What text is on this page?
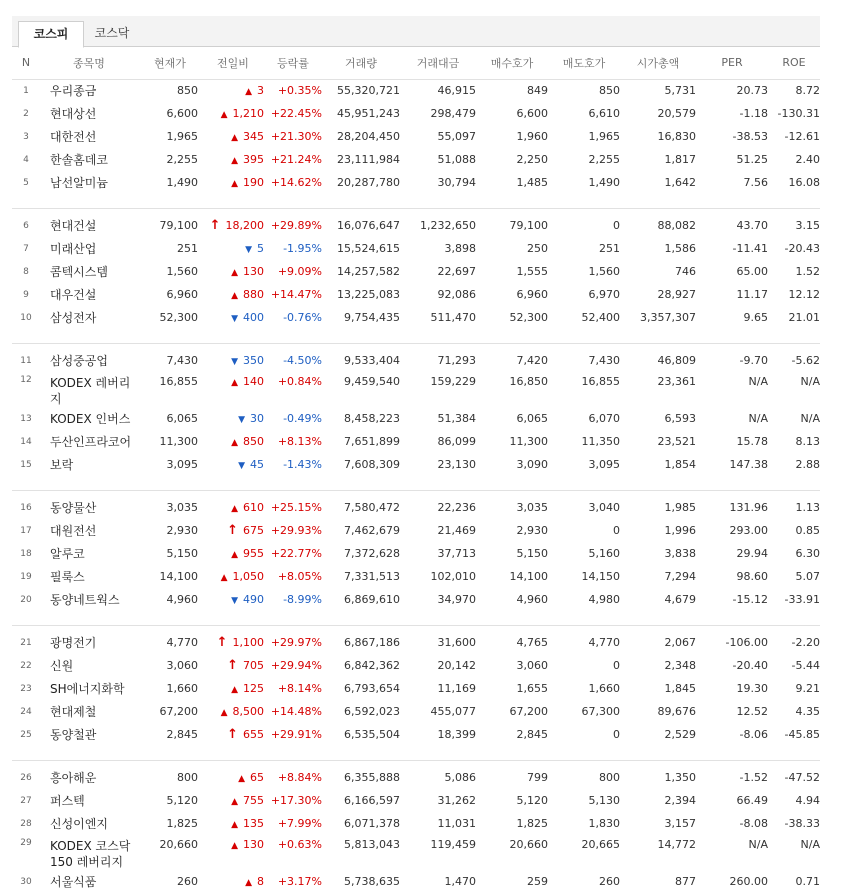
코스피	코스닥
N	종목명	현재가	전일비	등락률	거래량	거래대금	매수호가	매도호가	시가총액	PER	ROE
1	우리종금	850	▲ 3	+0.35%	55,320,721	46,915	849	850	5,731	20.73	8.72
2	현대상선	6,600	▲ 1,210	+22.45%	45,951,243	298,479	6,600	6,610	20,579	-1.18	-130.31
3	대한전선	1,965	▲ 345	+21.30%	28,204,450	55,097	1,960	1,965	16,830	-38.53	-12.61
4	한솔홈데코	2,255	▲ 395	+21.24%	23,111,984	51,088	2,250	2,255	1,817	51.25	2.40
5	남선알미늄	1,490	▲ 190	+14.62%	20,287,780	30,794	1,485	1,490	1,642	7.56	16.08

6	현대건설	79,100	↑ 18,200	+29.89%	16,076,647	1,232,650	79,100	0	88,082	43.70	3.15
7	미래산업	251	▼ 5	-1.95%	15,524,615	3,898	250	251	1,586	-11.41	-20.43
8	콤텍시스템	1,560	▲ 130	+9.09%	14,257,582	22,697	1,555	1,560	746	65.00	1.52
9	대우건설	6,960	▲ 880	+14.47%	13,225,083	92,086	6,960	6,970	28,927	11.17	12.12
10	삼성전자	52,300	▼ 400	-0.76%	9,754,435	511,470	52,300	52,400	3,357,307	9.65	21.01

11	삼성중공업	7,430	▼ 350	-4.50%	9,533,404	71,293	7,420	7,430	46,809	-9.70	-5.62
12	KODEX 레버리지	16,855	▲ 140	+0.84%	9,459,540	159,229	16,850	16,855	23,361	N/A	N/A
13	KODEX 인버스	6,065	▼ 30	-0.49%	8,458,223	51,384	6,065	6,070	6,593	N/A	N/A
14	두산인프라코어	11,300	▲ 850	+8.13%	7,651,899	86,099	11,300	11,350	23,521	15.78	8.13
15	보락	3,095	▼ 45	-1.43%	7,608,309	23,130	3,090	3,095	1,854	147.38	2.88

16	동양물산	3,035	▲ 610	+25.15%	7,580,472	22,236	3,035	3,040	1,985	131.96	1.13
17	대원전선	2,930	↑ 675	+29.93%	7,462,679	21,469	2,930	0	1,996	293.00	0.85
18	알루코	5,150	▲ 955	+22.77%	7,372,628	37,713	5,150	5,160	3,838	29.94	6.30
19	필룩스	14,100	▲ 1,050	+8.05%	7,331,513	102,010	14,100	14,150	7,294	98.60	5.07
20	동양네트웍스	4,960	▼ 490	-8.99%	6,869,610	34,970	4,960	4,980	4,679	-15.12	-33.91

21	광명전기	4,770	↑ 1,100	+29.97%	6,867,186	31,600	4,765	4,770	2,067	-106.00	-2.20
22	신원	3,060	↑ 705	+29.94%	6,842,362	20,142	3,060	0	2,348	-20.40	-5.44
23	SH에너지화학	1,660	▲ 125	+8.14%	6,793,654	11,169	1,655	1,660	1,845	19.30	9.21
24	현대제철	67,200	▲ 8,500	+14.48%	6,592,023	455,077	67,200	67,300	89,676	12.52	4.35
25	동양철관	2,845	↑ 655	+29.91%	6,535,504	18,399	2,845	0	2,529	-8.06	-45.85

26	흥아해운	800	▲ 65	+8.84%	6,355,888	5,086	799	800	1,350	-1.52	-47.52
27	퍼스텍	5,120	▲ 755	+17.30%	6,166,597	31,262	5,120	5,130	2,394	66.49	4.94
28	신성이엔지	1,825	▲ 135	+7.99%	6,071,378	11,031	1,825	1,830	3,157	-8.08	-38.33
29	KODEX 코스닥150 레버리지	20,660	▲ 130	+0.63%	5,813,043	119,459	20,660	20,665	14,772	N/A	N/A
30	서울식품	260	▲ 8	+3.17%	5,738,635	1,470	259	260	877	260.00	0.71
